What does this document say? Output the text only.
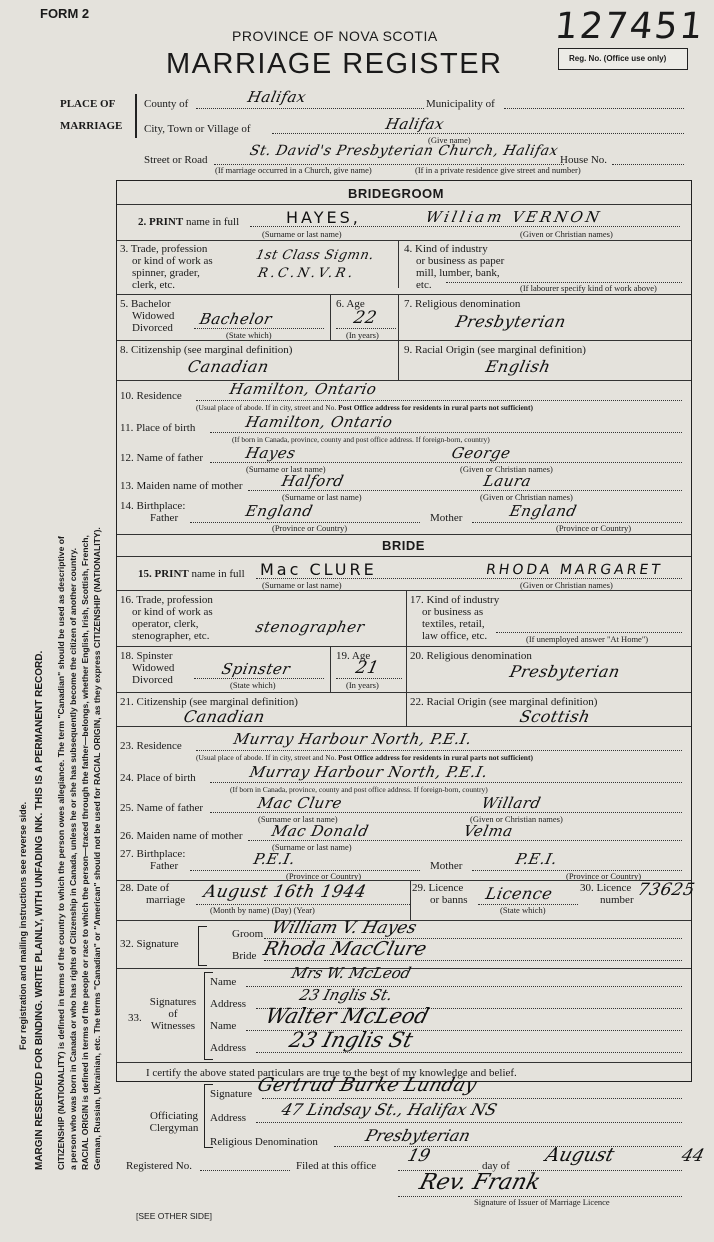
For registration and mailing instructions see reverse side. MARGIN RESERVED FOR BINDING. WRITE PLAINLY, WITH UNFADING INK. THIS IS A PERMANENT RECORD. CITIZENSHIP (NATIONALITY) is defined in terms of the country to which the person owes allegiance. The term "Canadian" should be used as descriptive of a person who was born in Canada or who has rights of Citizenship in Canada, unless he or she has subsequently become the citizen of another country. RACIAL ORIGIN is defined in terms of the people or race to which the person—traced through the father—belongs, whether English, Irish, Scottish, French, German, Russian, Ukrainian, etc. The terms "Canadian" or "American" should not be used for RACIAL ORIGIN, as they express CITIZENSHIP (NATIONALITY).
FORM 2
PROVINCE OF NOVA SCOTIA
MARRIAGE REGISTER
127451
Reg. No. (Office use only)
PLACE OF
MARRIAGE
County of	Halifax	Municipality of
City, Town or Village of	Halifax
(Give name)
Street or Road
St. David's Presbyterian Church, Halifax
House No.
(If marriage occurred in a Church, give name)	(If in a private residence give street and number)
BRIDEGROOM
2. PRINT name in full	HAYES,	William VERNON
(Surname or last name)	(Given or Christian names)
3. Trade, profession
or kind of work as
spinner, grader,
clerk, etc.
1st Class Sigmn.
R.C.N.V.R.
4. Kind of industry
or business as paper
mill, lumber, bank,
etc.	(If labourer specify kind of work above)
5. Bachelor
Widowed
Divorced Bachelor
(State which)
6. Age
22
(In years)
7. Religious denomination
Presbyterian
8. Citizenship (see marginal definition)
Canadian
9. Racial Origin (see marginal definition)
English
10. Residence	Hamilton, Ontario
(Usual place of abode. If in city, street and No. Post Office address for residents in rural parts not sufficient)
11. Place of birth	Hamilton, Ontario
(If born in Canada, province, county and post office address. If foreign-born, country)
12. Name of father	Hayes	George
(Surname or last name)	(Given or Christian names)
13. Maiden name of mother	Halford	Laura
(Surname or last name)	(Given or Christian names)
14. Birthplace:
Father	England
(Province or Country)
Mother	England
(Province or Country)
BRIDE
15. PRINT name in full Mac CLURE	RHODA MARGARET
(Surname or last name)	(Given or Christian names)
16. Trade, profession
or kind of work as
operator, clerk,
stenographer, etc.	stenographer
17. Kind of industry
or business as
textiles, retail,
law office, etc.	(If unemployed answer "At Home")
18. Spinster
Widowed
Divorced
Spinster
(State which)
19. Age
21
(In years)
20. Religious denomination
Presbyterian
21. Citizenship (see marginal definition)
Canadian
22. Racial Origin (see marginal definition)
Scottish
23. Residence	Murray Harbour North, P.E.I.
(Usual place of abode. If in city, street and No. Post Office address for residents in rural parts not sufficient)
24. Place of birth	Murray Harbour North, P.E.I.
(If born in Canada, province, county and post office address. If foreign-born, country)
25. Name of father	Mac Clure	Willard
(Surname or last name)	(Given or Christian names)
26. Maiden name of mother Mac Donald	Velma
(Surname or last name)
27. Birthplace:
Father	P.E.I.
(Province or Country)
Mother	P.E.I.
(Province or Country)
28. Date of
marriage August 16th 1944
(Month by name) (Day) (Year)
29. Licence
or banns Licence
(State which)
30. Licence
number 73625
32. Signature
Groom William V. Hayes
Bride Rhoda MacClure
33.
Signatures
of
Witnesses
Name	Mrs W. McLeod
Address	23 Inglis St.
Name Walter McLeod
Address 23 Inglis St
I certify the above stated particulars are true to the best of my knowledge and belief.
Officiating
Clergyman
Signature Gertrud Burke Lunday
Address 47 Lindsay St., Halifax NS
Religious Denomination	Presbyterian
Registered No.	Filed at this office 19	day of August	44
Rev. Frank
Signature of Issuer of Marriage Licence
[SEE OTHER SIDE]
